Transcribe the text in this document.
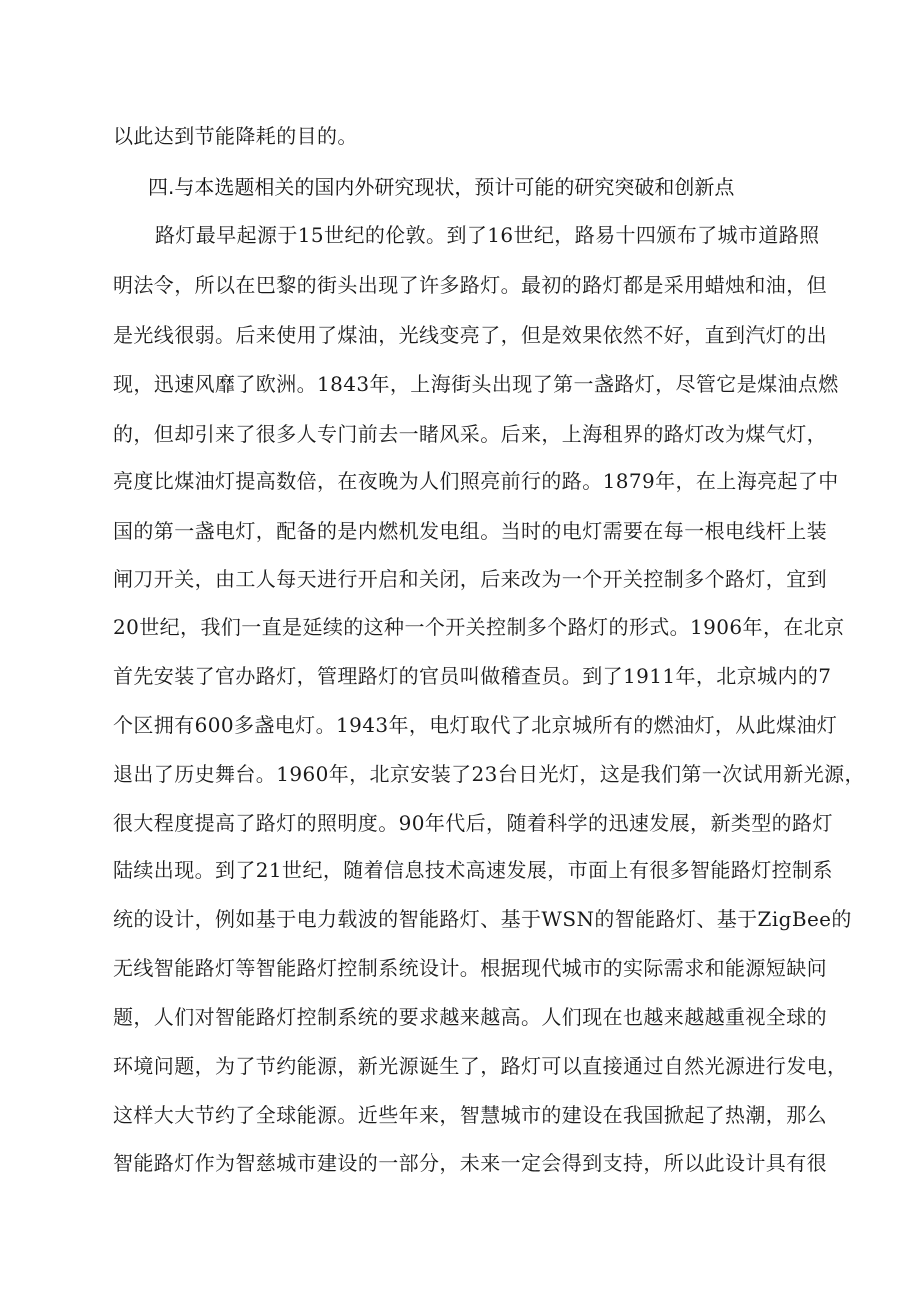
以此达到节能降耗的目的。
四.与本选题相关的国内外研究现状，预计可能的研究突破和创新点
路灯最早起源于15世纪的伦敦。到了16世纪，路易十四颁布了城市道路照
明法令，所以在巴黎的街头出现了许多路灯。最初的路灯都是采用蜡烛和油，但
是光线很弱。后来使用了煤油，光线变亮了，但是效果依然不好，直到汽灯的出
现，迅速风靡了欧洲。1843年，上海街头出现了第一盏路灯，尽管它是煤油点燃
的，但却引来了很多人专门前去一睹风采。后来，上海租界的路灯改为煤气灯，
亮度比煤油灯提高数倍，在夜晚为人们照亮前行的路。1879年，在上海亮起了中
国的第一盏电灯，配备的是内燃机发电组。当时的电灯需要在每一根电线杆上装
闸刀开关，由工人每天进行开启和关闭，后来改为一个开关控制多个路灯，宜到
20世纪，我们一直是延续的这种一个开关控制多个路灯的形式。1906年，在北京
首先安装了官办路灯，管理路灯的官员叫做稽查员。到了1911年，北京城内的7
个区拥有600多盏电灯。1943年，电灯取代了北京城所有的燃油灯，从此煤油灯
退出了历史舞台。1960年，北京安装了23台日光灯，这是我们第一次试用新光源，
很大程度提高了路灯的照明度。90年代后，随着科学的迅速发展，新类型的路灯
陆续出现。到了21世纪，随着信息技术高速发展，市面上有很多智能路灯控制系
统的设计，例如基于电力载波的智能路灯、基于WSN的智能路灯、基于ZigBee的
无线智能路灯等智能路灯控制系统设计。根据现代城市的实际需求和能源短缺问
题，人们对智能路灯控制系统的要求越来越高。人们现在也越来越越重视全球的
环境问题，为了节约能源，新光源诞生了，路灯可以直接通过自然光源进行发电，
这样大大节约了全球能源。近些年来，智慧城市的建设在我国掀起了热潮，那么
智能路灯作为智慈城市建设的一部分，未来一定会得到支持，所以此设计具有很
